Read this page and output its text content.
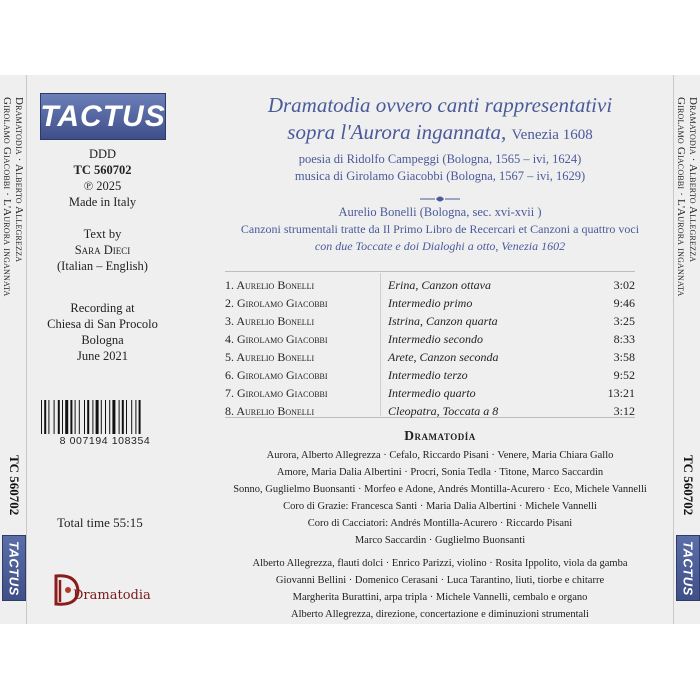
Girolamo Giacobbi · L'Aurora ingannata Dramatodia · Alberto Allegrezza
TC 560702
TACTUS
Girolamo Giacobbi · L'Aurora ingannata Dramatodia · Alberto Allegrezza
TC 560702
TACTUS
TACTUS
DDD
TC 560702
℗ 2025
Made in Italy
Text by
Sara Dieci
(Italian – English)
Recording at
Chiesa di San Procolo
Bologna
June 2021
8 007194 108354
Total time 55:15
Dramatodia
Dramatodia ovvero canti rappresentativi
sopra l'Aurora ingannata, Venezia 1608
poesia di Ridolfo Campeggi (Bologna, 1565 – ivi, 1624)
musica di Girolamo Giacobbi (Bologna, 1567 – ivi, 1629)
Aurelio Bonelli (Bologna, sec. xvi-xvii )
Canzoni strumentali tratte da Il Primo Libro de Recercari et Canzoni a quattro voci
con due Toccate e doi Dialoghi a otto, Venezia 1602
1. Aurelio Bonelli	Erina, Canzon ottava	3:02
2. Girolamo Giacobbi	Intermedio primo	9:46
3. Aurelio Bonelli	Istrina, Canzon quarta	3:25
4. Girolamo Giacobbi	Intermedio secondo	8:33
5. Aurelio Bonelli	Arete, Canzon seconda	3:58
6. Girolamo Giacobbi	Intermedio terzo	9:52
7. Girolamo Giacobbi	Intermedio quarto	13:21
8. Aurelio Bonelli	Cleopatra, Toccata a 8	3:12
Dramatodía
Aurora, Alberto Allegrezza · Cefalo, Riccardo Pisani · Venere, Maria Chiara Gallo
Amore, Maria Dalia Albertini · Procri, Sonia Tedla · Titone, Marco Saccardin
Sonno, Guglielmo Buonsanti · Morfeo e Adone, Andrés Montilla-Acurero · Eco, Michele Vannelli
Coro di Grazie: Francesca Santi · Maria Dalia Albertini · Michele Vannelli
Coro di Cacciatori: Andrés Montilla-Acurero · Riccardo Pisani
Marco Saccardin · Guglielmo Buonsanti
Alberto Allegrezza, flauti dolci · Enrico Parizzi, violino · Rosita Ippolito, viola da gamba
Giovanni Bellini · Domenico Cerasani · Luca Tarantino, liuti, tiorbe e chitarre
Margherita Burattini, arpa tripla · Michele Vannelli, cembalo e organo
Alberto Allegrezza, direzione, concertazione e diminuzioni strumentali
